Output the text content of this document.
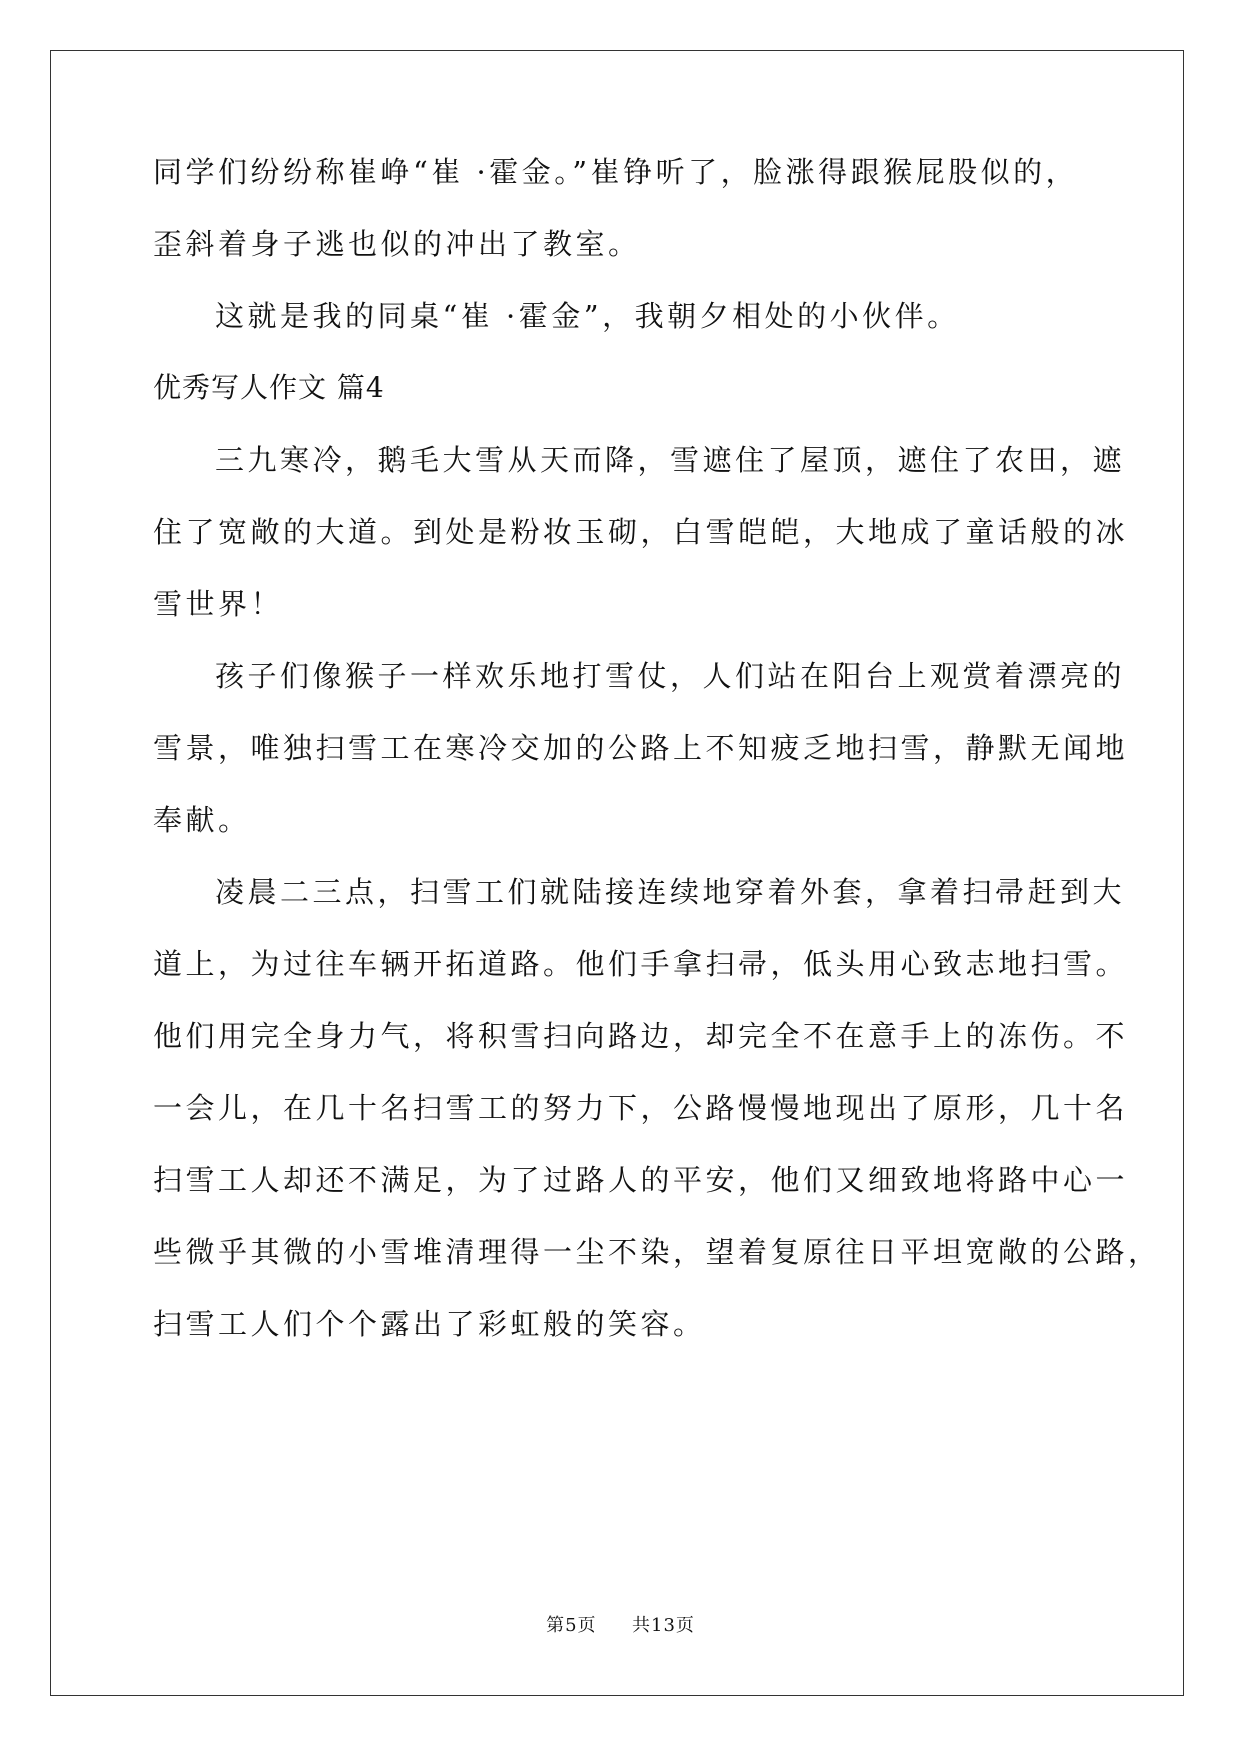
同学们纷纷称崔峥“崔 ·霍金。”崔铮听了，脸涨得跟猴屁股似的，
歪斜着身子逃也似的冲出了教室。
这就是我的同桌“崔 ·霍金”，我朝夕相处的小伙伴。
优秀写人作文 篇4
三九寒冷，鹅毛大雪从天而降，雪遮住了屋顶，遮住了农田，遮
住了宽敞的大道。到处是粉妆玉砌，白雪皑皑，大地成了童话般的冰
雪世界！
孩子们像猴子一样欢乐地打雪仗，人们站在阳台上观赏着漂亮的
雪景，唯独扫雪工在寒冷交加的公路上不知疲乏地扫雪，静默无闻地
奉献。
凌晨二三点，扫雪工们就陆接连续地穿着外套，拿着扫帚赶到大
道上，为过往车辆开拓道路。他们手拿扫帚，低头用心致志地扫雪。
他们用完全身力气，将积雪扫向路边，却完全不在意手上的冻伤。不
一会儿，在几十名扫雪工的努力下，公路慢慢地现出了原形，几十名
扫雪工人却还不满足，为了过路人的平安，他们又细致地将路中心一
些微乎其微的小雪堆清理得一尘不染，望着复原往日平坦宽敞的公路，
扫雪工人们个个露出了彩虹般的笑容。
第5页 共13页
